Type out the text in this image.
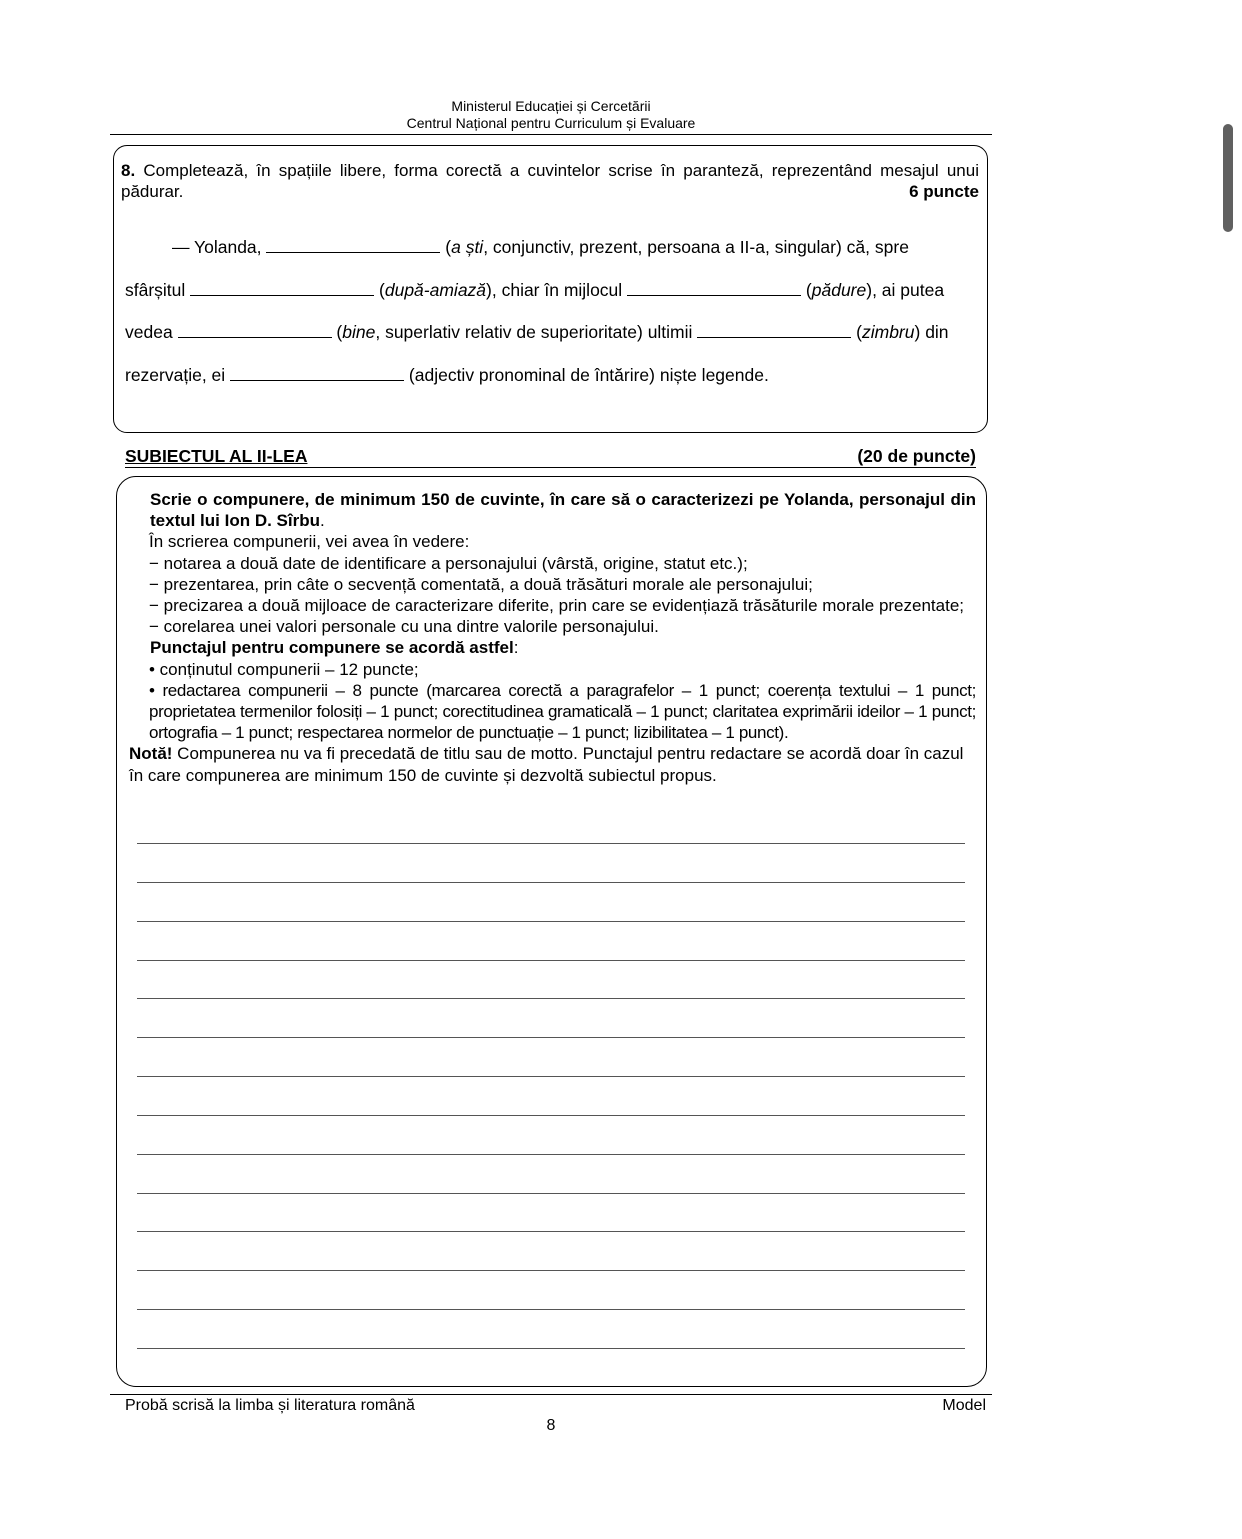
Ministerul Educației și Cercetării
Centrul Național pentru Curriculum și Evaluare
8. Completează, în spațiile libere, forma corectă a cuvintelor scrise în paranteză, reprezentând mesajul unui pădurar.	6 puncte
— Yolanda,	(a ști, conjunctiv, prezent, persoana a II-a, singular) că, spre
sfârșitul	(după-amiază), chiar în mijlocul	(pădure), ai putea
vedea	(bine, superlativ relativ de superioritate) ultimii	(zimbru) din
rezervație, ei	(adjectiv pronominal de întărire) niște legende.
SUBIECTUL AL II-LEA	(20 de puncte)

Scrie o compunere, de minimum 150 de cuvinte, în care să o caracterizezi pe Yolanda, personajul din textul lui Ion D. Sîrbu.

În scrierea compunerii, vei avea în vedere:

− notarea a două date de identificare a personajului (vârstă, origine, statut etc.);

− prezentarea, prin câte o secvență comentată, a două trăsături morale ale personajului;

− precizarea a două mijloace de caracterizare diferite, prin care se evidențiază trăsăturile morale prezentate;

− corelarea unei valori personale cu una dintre valorile personajului.

Punctajul pentru compunere se acordă astfel:

• conținutul compunerii – 12 puncte;

• redactarea compunerii – 8 puncte (marcarea corectă a paragrafelor – 1 punct; coerența textului – 1 punct; proprietatea termenilor folosiți – 1 punct; corectitudinea gramaticală – 1 punct; claritatea exprimării ideilor – 1 punct; ortografia – 1 punct; respectarea normelor de punctuație – 1 punct; lizibilitatea – 1 punct).

Notă! Compunerea nu va fi precedată de titlu sau de motto. Punctajul pentru redactare se acordă doar în cazul în care compunerea are minimum 150 de cuvinte și dezvoltă subiectul propus.

Probă scrisă la limba și literatura română	Model
8
